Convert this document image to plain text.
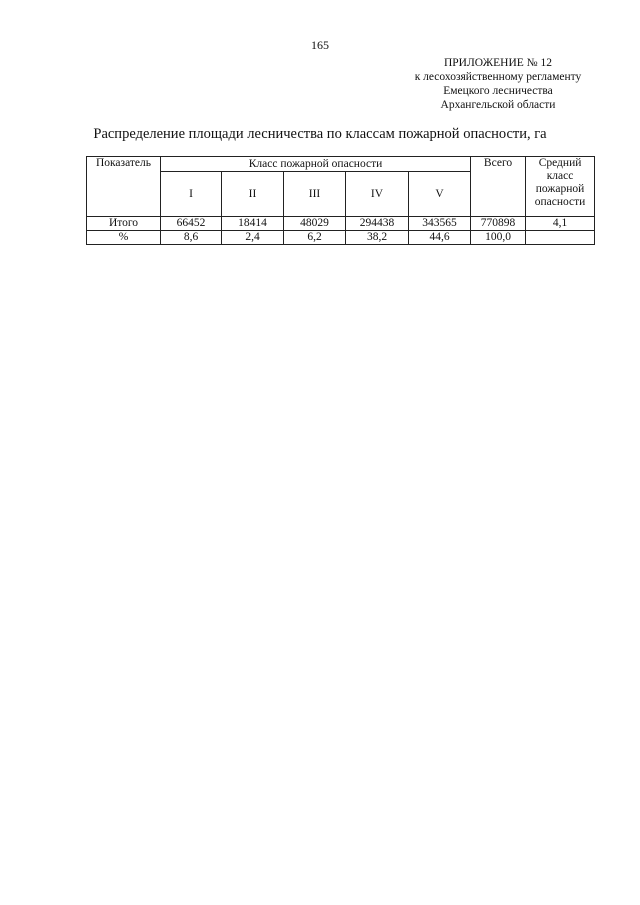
165
ПРИЛОЖЕНИЕ № 12
к лесохозяйственному регламенту
Емецкого лесничества
Архангельской области
Распределение площади лесничества по классам пожарной опасности, га
Показатель	Класс пожарной опасности					Всего	Средний класс пожарной опасности
	I	II	III	IV	V		
Итого	66452	18414	48029	294438	343565	770898	4,1
%	8,6	2,4	6,2	38,2	44,6	100,0	
